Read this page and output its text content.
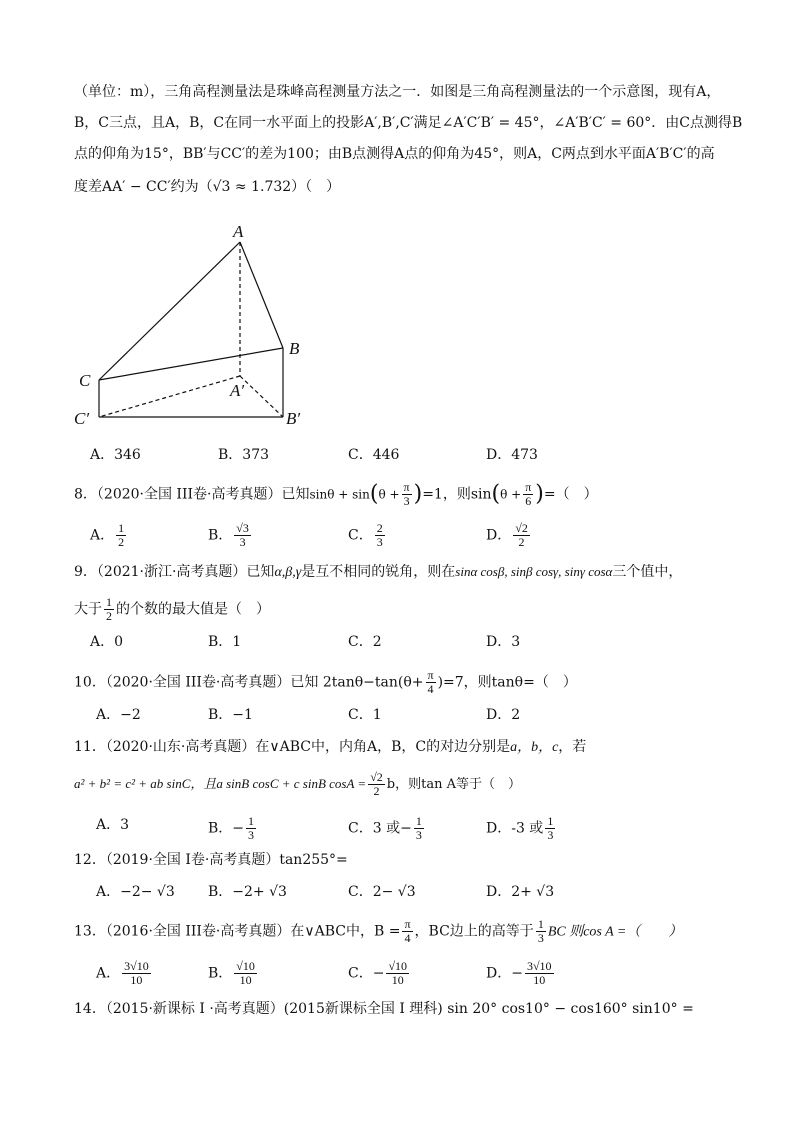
（单位：m），三角高程测量法是珠峰高程测量方法之一．如图是三角高程测量法的一个示意图，现有A，
B，C三点，且A，B，C在同一水平面上的投影A′,B′,C′满足∠A′C′B′ = 45°，∠A′B′C′ = 60°．由C点测得B
点的仰角为15°，BB′与CC′的差为100；由B点测得A点的仰角为45°，则A，C两点到水平面A′B′C′的高
度差AA′ − CC′约为（√3 ≈ 1.732）（　）
A
B
C
A′
B′
C′
A．346	B．373	C．446	D．473
8．（2020·全国 III卷·高考真题）已知$\sin\theta + \sin(\theta + \frac{\pi}{3} )=1$，则$\sin(\theta + \frac{\pi}{6}$ )=（　）
A． $\frac{1}{2}$	B． $\frac{√3}{3}$	C． $\frac{2}{3}$	D． $\frac{√2}{2}$
9．（2021·浙江·高考真题）已知α,β,γ是互不相同的锐角，则在sinα cosβ, sinβ cosγ, sinγ cosα三个值中，
大于 $\frac{1}{2}$ 的个数的最大值是（　）
A．0	B．1	C．2	D．3
10．（2020·全国 III卷·高考真题）已知 $2\tan\theta-\tan(\theta+ \frac{\pi}{4} )=7$，则tanθ=（　）
A．−2	B．−1	C．1	D．2
11．（2020·山东·高考真题）在∨ABC中，内角A，B，C的对边分别是a，b，c，若
a² + b² = c² + ab sinC，且a sinB cosC + c sinB $\cos A = \frac{√2}{2}$ b，则tan A等于（　）
A．3	B．− $\frac{1}{3}$	C．3 或− $\frac{1}{3}$	D．-3 或 $\frac{1}{3}$
12．（2019·全国 I卷·高考真题）tan255°=
A．−2− √3 B．−2+ √3	C．2− √3	D．2+ √3
13．（2016·全国 III卷·高考真题）在∨ABC中，$B = \frac{\pi}{4}$ ，BC边上的高等于 $\frac{1}{3}$ BC 则cos A =（　　）
A． $\frac{3√10}{10}$	B． $\frac{√10}{10}$	C．− $\frac{√10}{10}$	D．− $\frac{3√10}{10}$
14．（2015·新课标 I ·高考真题）(2015新课标全国 I 理科) sin 20° cos10° − cos160° sin10° =
